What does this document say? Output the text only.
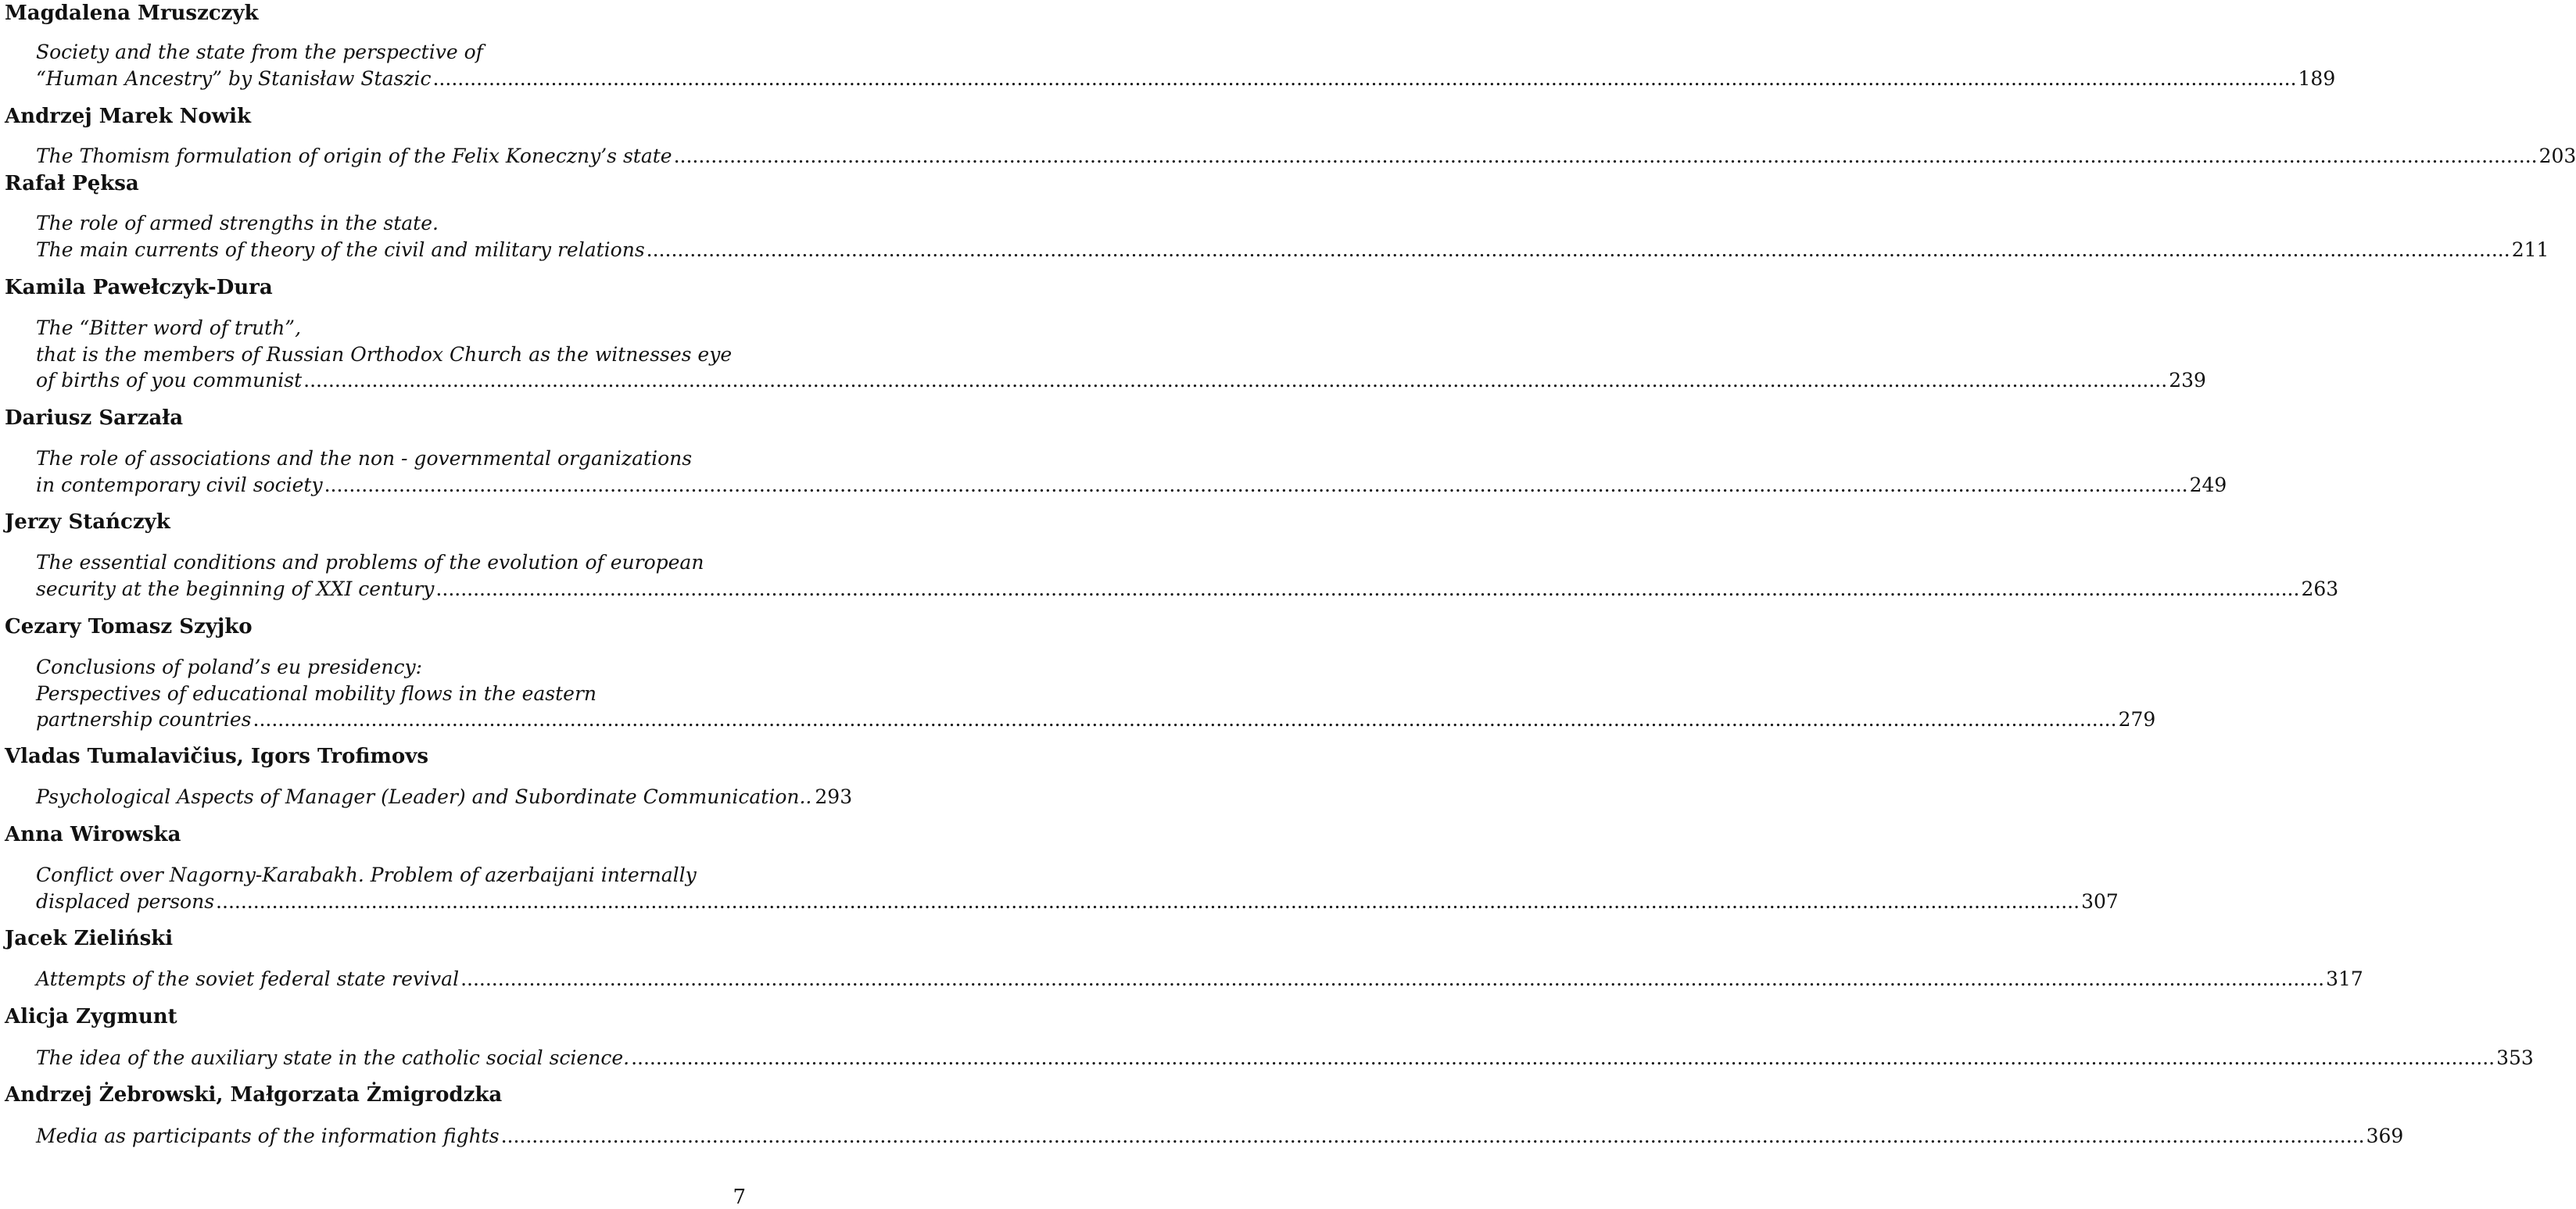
Magdalena Mruszczyk
Society and the state from the perspective of
“Human Ancestry” by Stanisław Staszic ............................................................................................................................................................................................................................................................................................................ 189
Andrzej Marek Nowik
The Thomism formulation of origin of the Felix Koneczny’s state ............................................................................................................................................................................................................................................................................................................ 203
Rafał Pęksa
The role of armed strengths in the state.
The main currents of theory of the civil and military relations ............................................................................................................................................................................................................................................................................................................ 211
Kamila Pawełczyk-Dura
The “Bitter word of truth”,
that is the members of Russian Orthodox Church as the witnesses eye
of births of you communist ............................................................................................................................................................................................................................................................................................................ 239
Dariusz Sarzała
The role of associations and the non - governmental organizations
in contemporary civil society ............................................................................................................................................................................................................................................................................................................ 249
Jerzy Stańczyk
The essential conditions and problems of the evolution of european
security at the beginning of XXI century ............................................................................................................................................................................................................................................................................................................ 263
Cezary Tomasz Szyjko
Conclusions of poland’s eu presidency:
Perspectives of educational mobility flows in the eastern
partnership countries ............................................................................................................................................................................................................................................................................................................ 279
Vladas Tumalavičius, Igors Trofimovs
Psychological Aspects of Manager (Leader) and Subordinate Communication.. 293
Anna Wirowska
Conflict over Nagorny-Karabakh. Problem of azerbaijani internally
displaced persons ............................................................................................................................................................................................................................................................................................................ 307
Jacek Zieliński
Attempts of the soviet federal state revival ............................................................................................................................................................................................................................................................................................................ 317
Alicja Zygmunt
The idea of the auxiliary state in the catholic social science. ............................................................................................................................................................................................................................................................................................................ 353
Andrzej Żebrowski, Małgorzata Żmigrodzka
Media as participants of the information fights ............................................................................................................................................................................................................................................................................................................ 369
7
